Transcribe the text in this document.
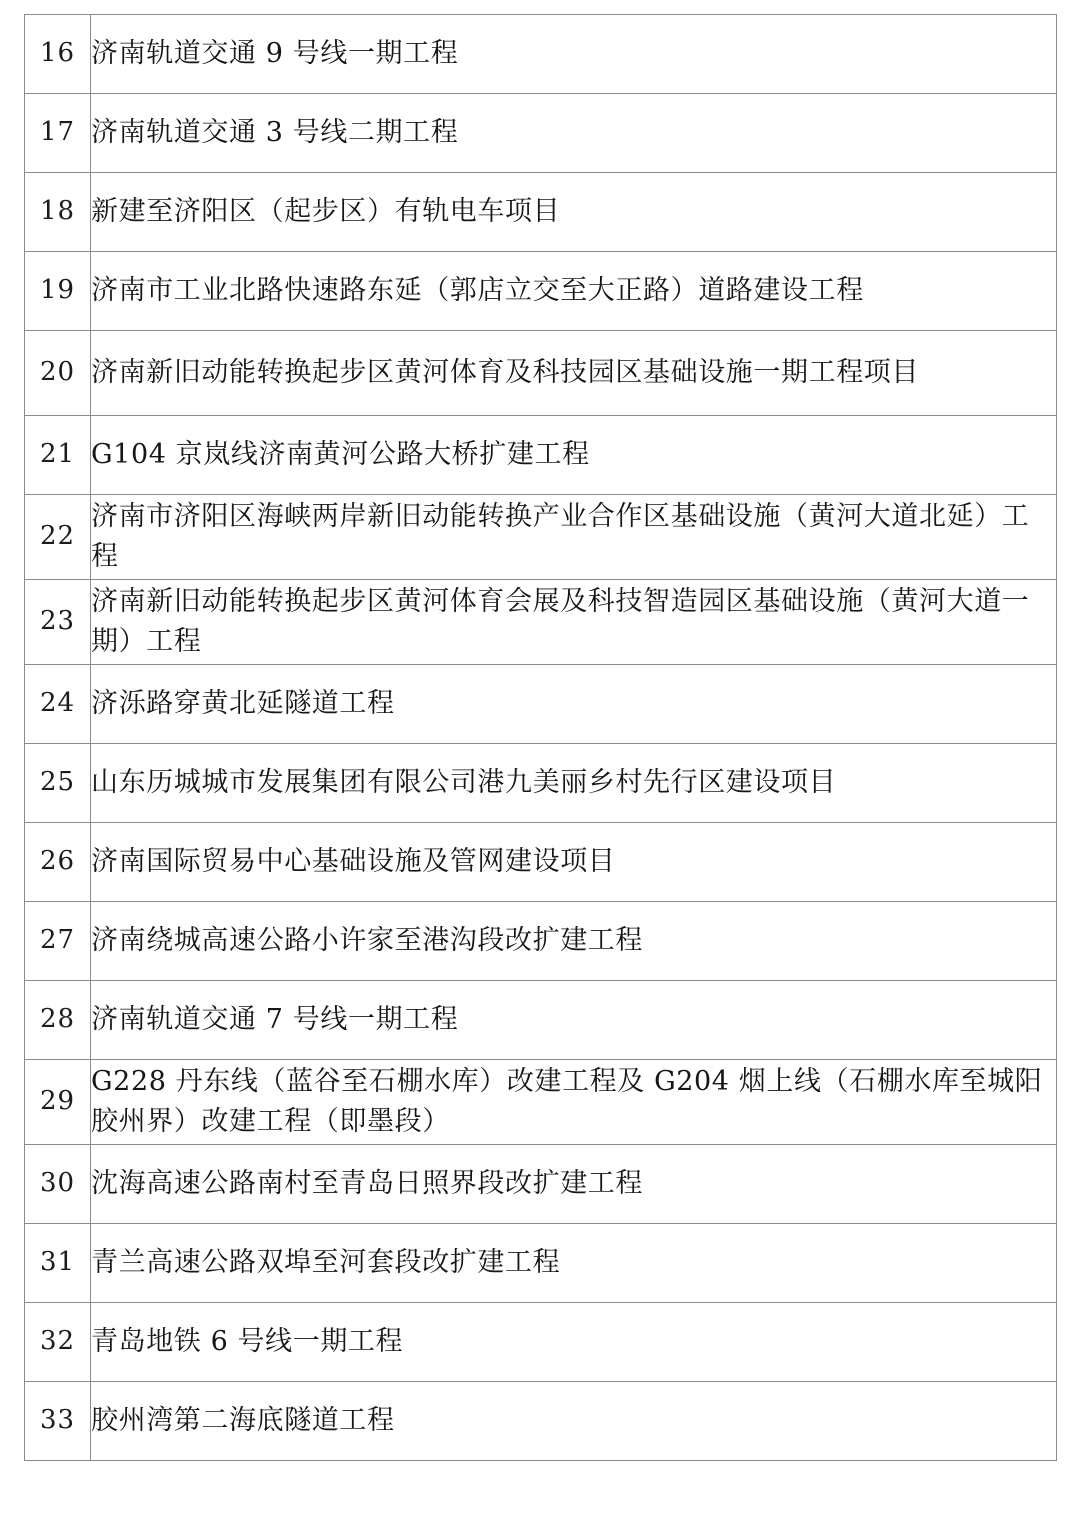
16	济南轨道交通 9 号线一期工程
17	济南轨道交通 3 号线二期工程
18	新建至济阳区（起步区）有轨电车项目
19	济南市工业北路快速路东延（郭店立交至大正路）道路建设工程
20	济南新旧动能转换起步区黄河体育及科技园区基础设施一期工程项目
21	G104 京岚线济南黄河公路大桥扩建工程
22	济南市济阳区海峡两岸新旧动能转换产业合作区基础设施（黄河大道北延）工程
23	济南新旧动能转换起步区黄河体育会展及科技智造园区基础设施（黄河大道一期）工程
24	济泺路穿黄北延隧道工程
25	山东历城城市发展集团有限公司港九美丽乡村先行区建设项目
26	济南国际贸易中心基础设施及管网建设项目
27	济南绕城高速公路小许家至港沟段改扩建工程
28	济南轨道交通 7 号线一期工程
29	G228 丹东线（蓝谷至石棚水库）改建工程及 G204 烟上线（石棚水库至城阳胶州界）改建工程（即墨段）
30	沈海高速公路南村至青岛日照界段改扩建工程
31	青兰高速公路双埠至河套段改扩建工程
32	青岛地铁 6 号线一期工程
33	胶州湾第二海底隧道工程
